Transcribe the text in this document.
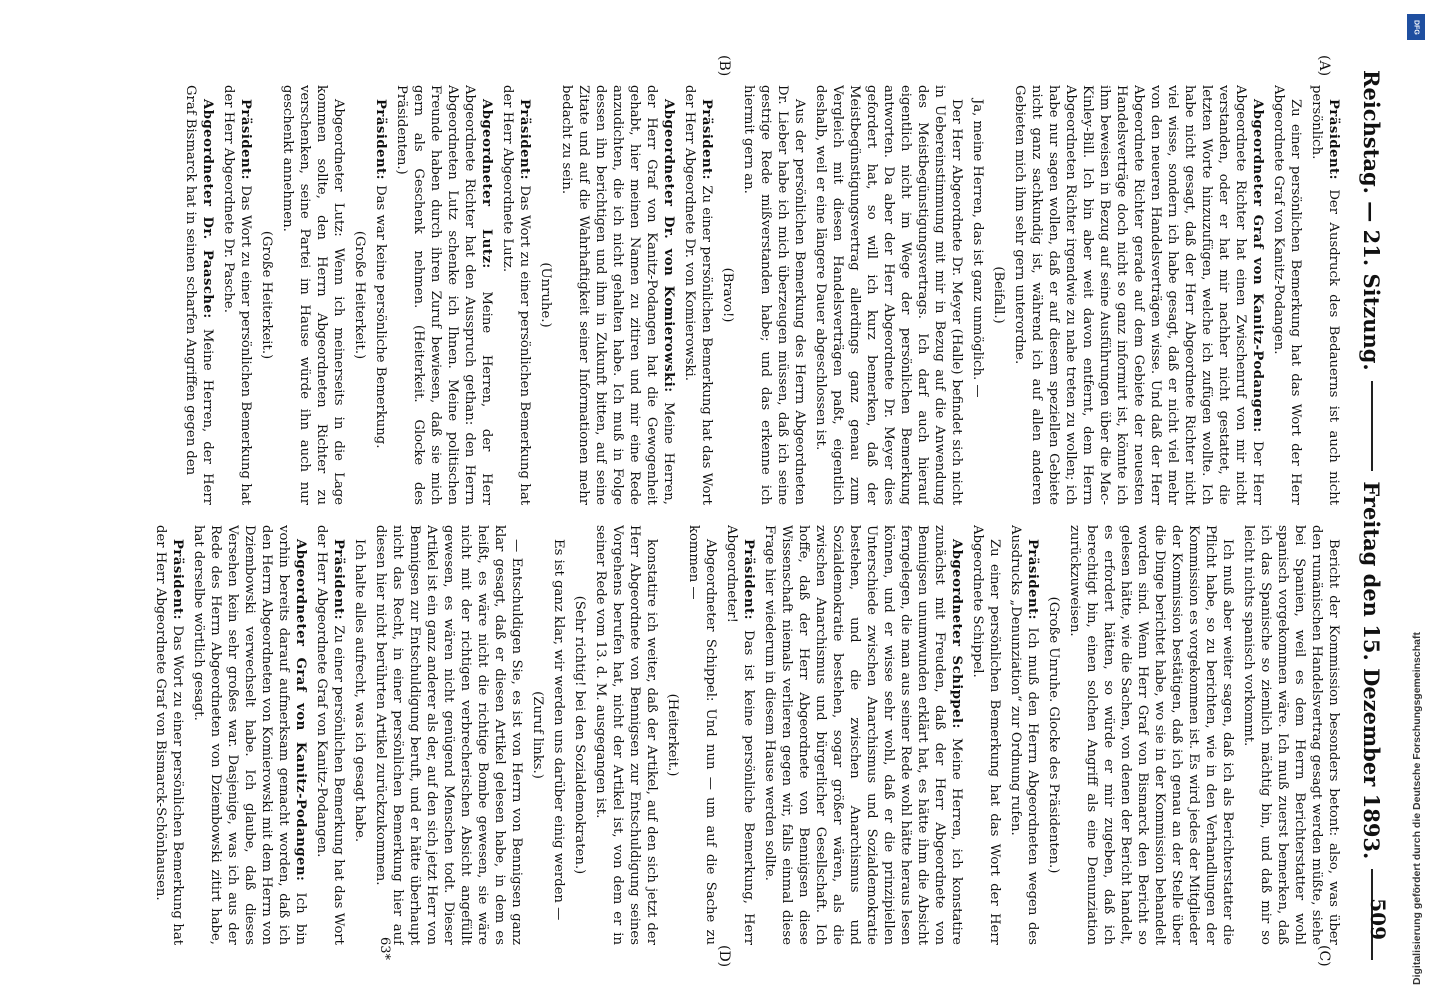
Reichstag. — 21. Sitzung.
Freitag den 15. Dezember 1893.
509
(A)
(B)
(C)
(D)

Präsident: Der Ausdruck des Bedauerns ist auch nicht persönlich.

Zu einer persönlichen Bemerkung hat das Wort der Herr Abgeordnete Graf von Kanitz-Podangen.

Abgeordneter Graf von Kanitz-Podangen: Der Herr Abgeordnete Richter hat einen Zwischenruf von mir nicht verstanden, oder er hat mir nachher nicht gestattet, die letzten Worte hinzuzufügen, welche ich zufügen wollte. Ich habe nicht gesagt, daß der Herr Abgeordnete Richter nicht viel wisse, sondern ich habe gesagt, daß er nicht viel mehr von den neueren Handelsverträgen wisse. Und daß der Herr Abgeordnete Richter gerade auf dem Gebiete der neuesten Handelsverträge doch nicht so ganz informirt ist, könnte ich ihm beweisen in Bezug auf seine Ausführungen über die Mac-Kinley-Bill. Ich bin aber weit davon entfernt, dem Herrn Abgeordneten Richter irgendwie zu nahe treten zu wollen; ich habe nur sagen wollen, daß er auf diesem speziellen Gebiete nicht ganz sachkundig ist, während ich auf allen anderen Gebieten mich ihm sehr gern unterordne.

(Beifall.)

Ja, meine Herren, das ist ganz unmöglich. —

Der Herr Abgeordnete Dr. Meyer (Halle) befindet sich nicht in Uebereinstimmung mit mir in Bezug auf die Anwendung des Meistbegünstigungsvertrags. Ich darf auch hierauf eigentlich nicht im Wege der persönlichen Bemerkung antworten. Da aber der Herr Abgeordnete Dr. Meyer dies gefordert hat, so will ich kurz bemerken, daß der Meistbegünstigungsvertrag allerdings ganz genau zum Vergleich mit diesen Handelsverträgen paßt, eigentlich deshalb, weil er eine längere Dauer abgeschlossen ist.

Aus der persönlichen Bemerkung des Herrn Abgeordneten Dr. Lieber habe ich mich überzeugen müssen, daß ich seine gestrige Rede mißverstanden habe; und das erkenne ich hiermit gern an.

(Bravo!)

Präsident: Zu einer persönlichen Bemerkung hat das Wort der Herr Abgeordnete Dr. von Komierowski.

Abgeordneter Dr. von Komierowski: Meine Herren, der Herr Graf von Kanitz-Podangen hat die Gewogenheit gehabt, hier meinen Namen zu zitiren und mir eine Rede anzudichten, die ich nicht gehalten habe. Ich muß in Folge dessen ihn berichtigen und ihm in Zukunft bitten, auf seine Zitate und auf die Wahrhaftigkeit seiner Informationen mehr bedacht zu sein.

(Unruhe.)

Präsident: Das Wort zu einer persönlichen Bemerkung hat der Herr Abgeordnete Lutz.

Abgeordneter Lutz: Meine Herren, der Herr Abgeordnete Richter hat den Ausspruch gethan: den Herrn Abgeordneten Lutz schenke ich Ihnen. Meine politischen Freunde haben durch ihren Zuruf bewiesen, daß sie mich gern als Geschenk nehmen. (Heiterkeit. Glocke des Präsidenten.)

Präsident: Das war keine persönliche Bemerkung.

(Große Heiterkeit.)

Abgeordneter Lutz: Wenn ich meinerseits in die Lage kommen sollte, den Herrn Abgeordneten Richter zu verschenken, seine Partei im Hause würde ihn auch nur geschenkt annehmen.

(Große Heiterkeit.)

Präsident: Das Wort zu einer persönlichen Bemerkung hat der Herr Abgeordnete Dr. Pasche.

Abgeordneter Dr. Paasche: Meine Herren, der Herr Graf Bismarck hat in seinen scharfen Angriffen gegen den

Bericht der Kommission besonders betont: also, was über den rumänischen Handelsvertrag gesagt werden müßte, siehe bei Spanien, weil es dem Herrn Berichterstatter wohl spanisch vorgekommen wäre. Ich muß zuerst bemerken, daß ich das Spanische so ziemlich mächtig bin, und daß mir so leicht nichts spanisch vorkommt.

Ich muß aber weiter sagen, daß ich als Berichterstatter die Pflicht habe, so zu berichten, wie in den Verhandlungen der Kommission es vorgekommen ist. Es wird jedes der Mitglieder der Kommission bestätigen, daß ich genau an der Stelle über die Dinge berichtet habe, wo sie in der Kommission behandelt worden sind. Wenn Herr Graf von Bismarck den Bericht so gelesen hätte, wie die Sachen, von denen der Bericht handelt, es erfordert hätten, so würde er mir zugeben, daß ich berechtigt bin, einen solchen Angriff als eine Denunziation zurückzuweisen.

(Große Unruhe. Glocke des Präsidenten.)

Präsident: Ich muß den Herrn Abgeordneten wegen des Ausdrucks „Denunziation“ zur Ordnung rufen.

Zu einer persönlichen Bemerkung hat das Wort der Herr Abgeordnete Schippel.

Abgeordneter Schippel: Meine Herren, ich konstatire zunächst mit Freuden, daß der Herr Abgeordnete von Bennigsen unumwunden erklärt hat, es hätte ihm die Absicht ferngelegen, die man aus seiner Rede wohl hätte heraus lesen können, und er wisse sehr wohl, daß er die prinzipiellen Unterschiede zwischen Anarchismus und Sozialdemokratie bestehen, und die zwischen Anarchismus und Sozialdemokratie bestehen, sogar größer wären, als die zwischen Anarchismus und bürgerlicher Gesellschaft. Ich hoffe, daß der Herr Abgeordnete von Bennigsen diese Wissenschaft niemals verlieren gegen wir, falls einmal diese Frage hier wiederum in diesem Hause werden sollte.

Präsident: Das ist keine persönliche Bemerkung, Herr Abgeordneter!

Abgeordneter Schippel: Und nun — um auf die Sache zu kommen —

(Heiterkeit.)

konstatire ich weiter, daß der Artikel, auf den sich jetzt der Herr Abgeordnete von Bennigsen zur Entschuldigung seines Vorgehens berufen hat, nicht der Artikel ist, von dem er in seiner Rede vom 13. d. M. ausgegangen ist.

(Sehr richtig! bei den Sozialdemokraten.)

Es ist ganz klar, wir werden uns darüber einig werden —

(Zuruf links.)

— Entschuldigen Sie, es ist von Herrn von Bennigsen ganz klar gesagt, daß er diesen Artikel gelesen habe, in dem es heißt, es wäre nicht die richtige Bombe gewesen, sie wäre nicht mit der richtigen verbrecherischen Absicht angefüllt gewesen, es wären nicht genügend Menschen todt. Dieser Artikel ist ein ganz anderer als der, auf den sich jetzt Herr von Bennigsen zur Entschuldigung beruft, und er hätte überhaupt nicht das Recht, in einer persönlichen Bemerkung hier auf diesen hier nicht berührten Artikel zurückzukommen.

Ich halte alles aufrecht, was ich gesagt habe.

Präsident: Zu einer persönlichen Bemerkung hat das Wort der Herr Abgeordnete Graf von Kanitz-Podangen.

Abgeordneter Graf von Kanitz-Podangen: Ich bin vorhin bereits darauf aufmerksam gemacht worden, daß ich den Herrn Abgeordneten von Komierowski mit dem Herrn von Dziembowski verwechselt habe. Ich glaube, daß dieses Versehen kein sehr großes war. Dasjenige, was ich aus der Rede des Herrn Abgeordneten von Dziembowski zitirt habe, hat derselbe wörtlich gesagt.

Präsident: Das Wort zu einer persönlichen Bemerkung hat der Herr Abgeordnete Graf von Bismarck-Schönhausen.

63*
DFG
Digitalisierung gefördert durch die Deutsche Forschungsgemeinschaft
